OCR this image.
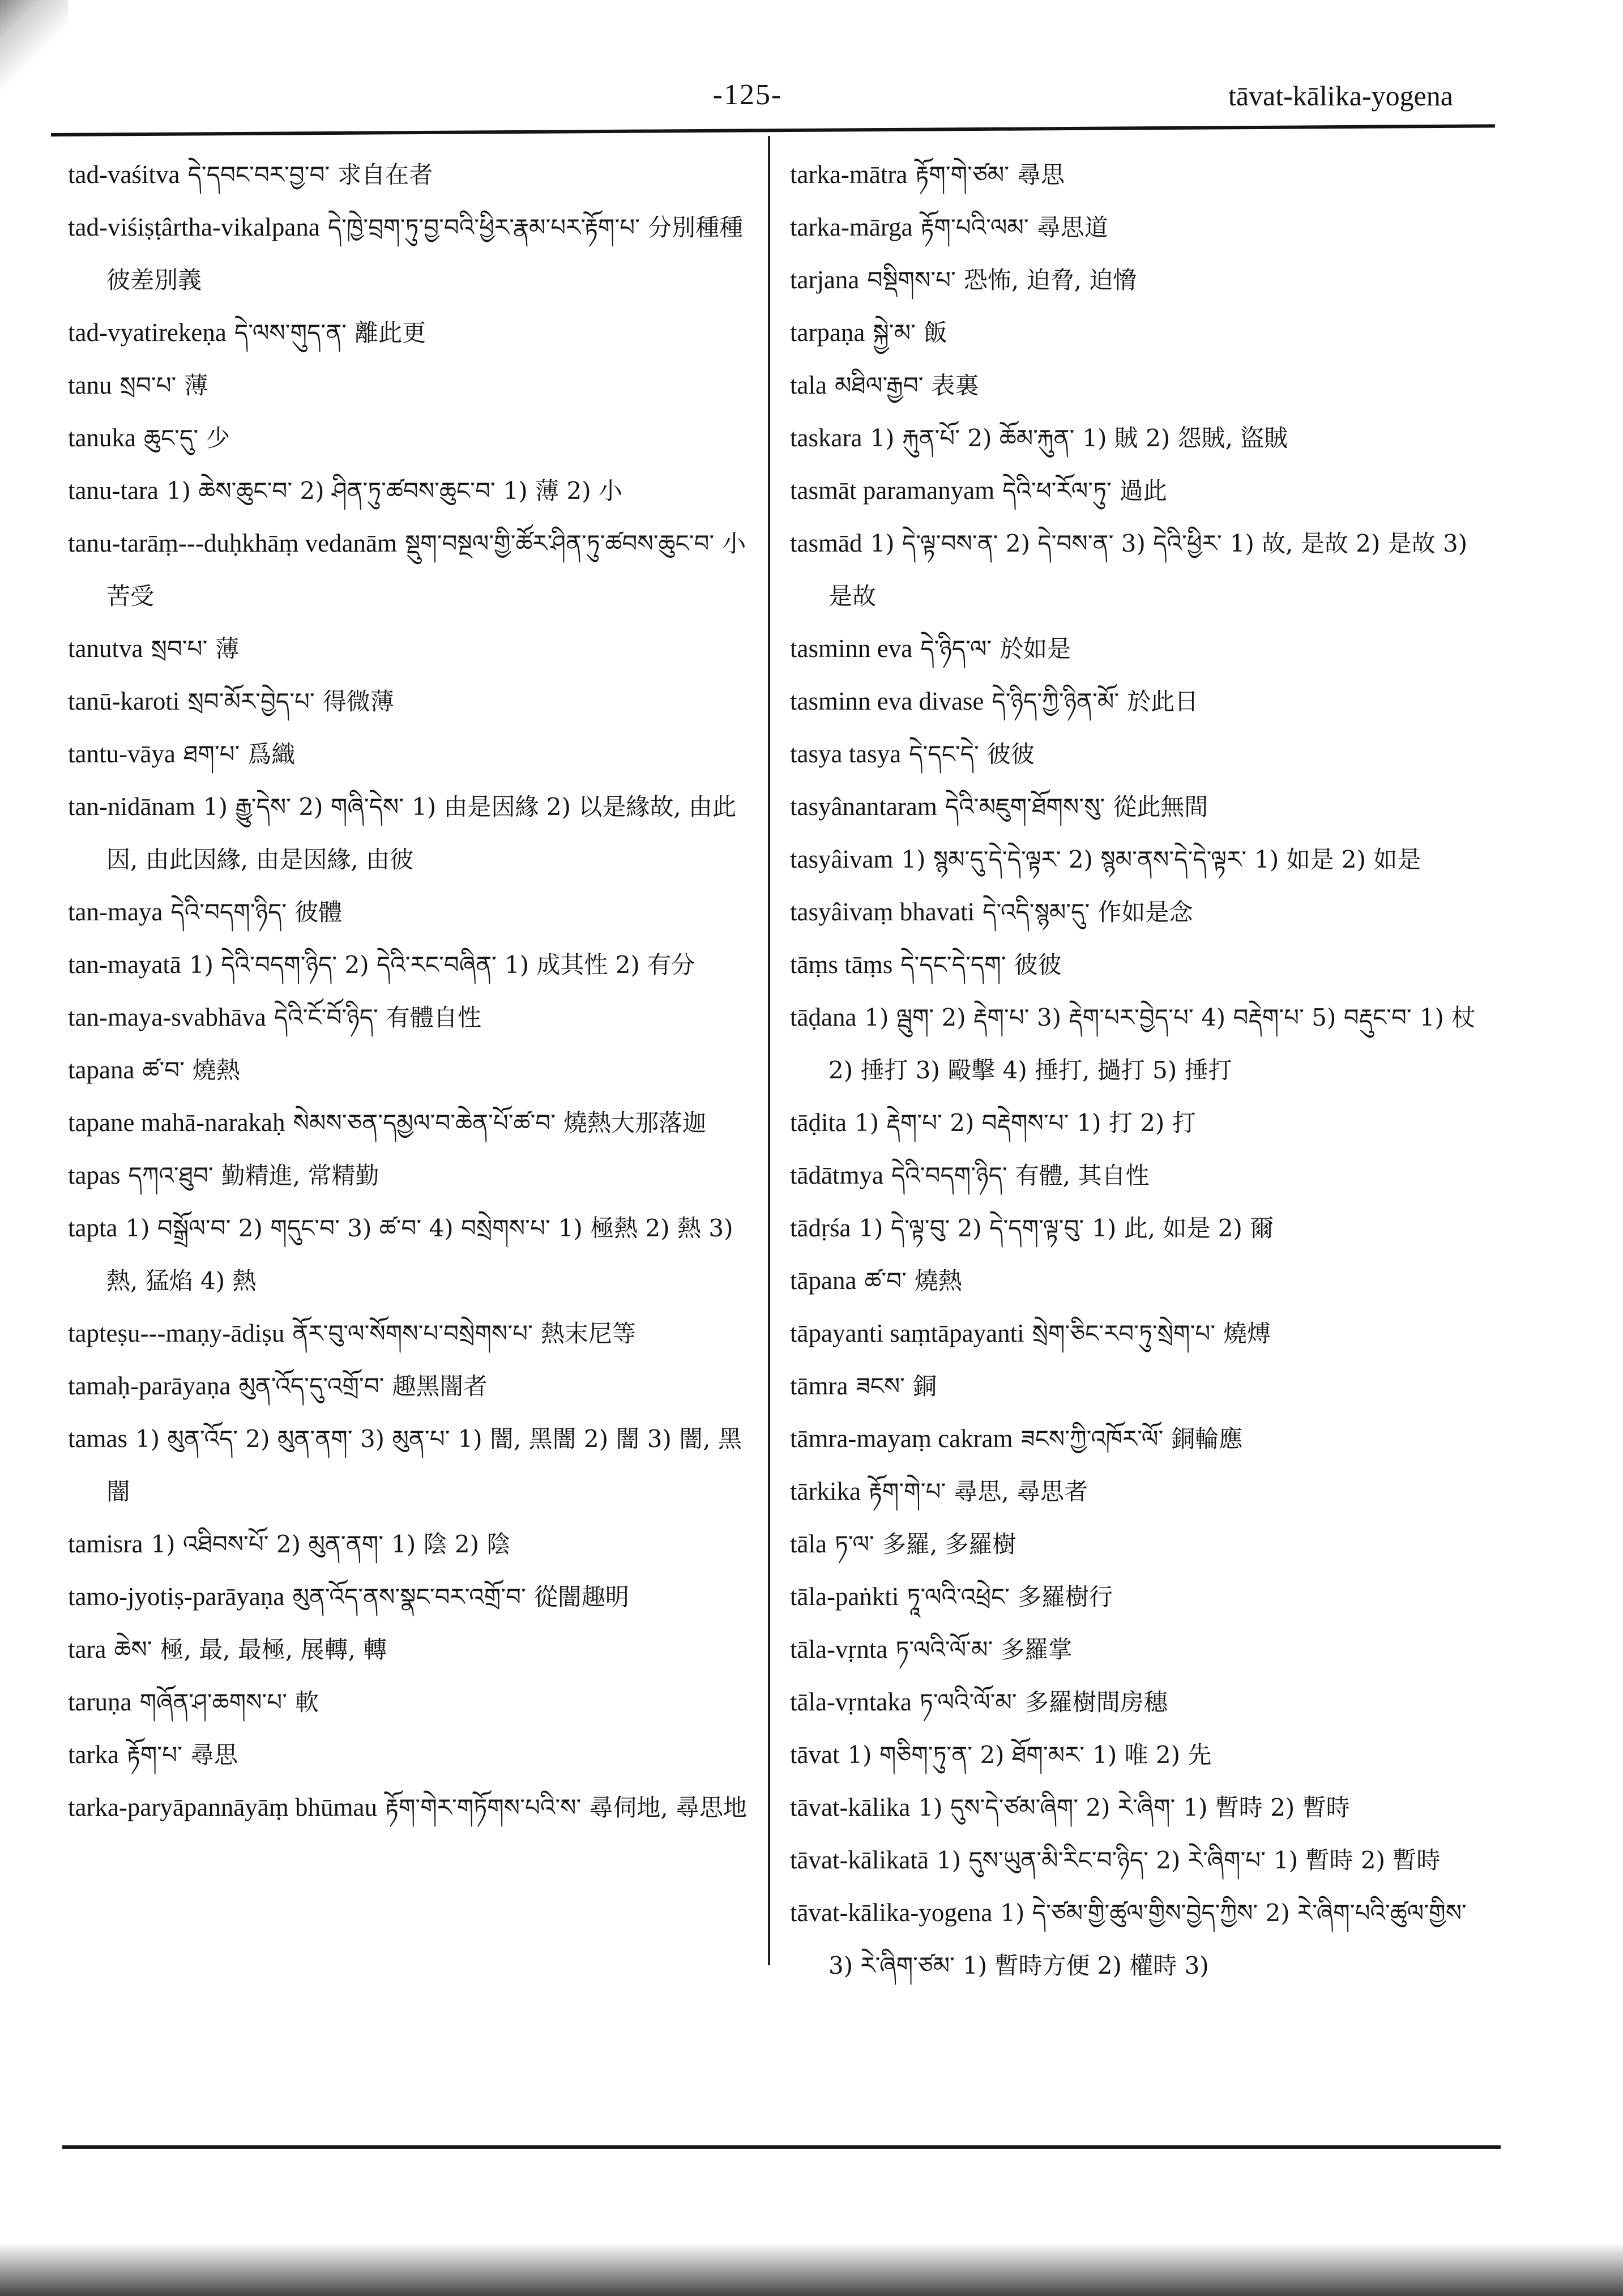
-125-	tāvat-kālika-yogena

tad-vaśitva དེ་དབང་བར་བྱ་བ་ 求自在者

tad-viśiṣṭârtha-vikalpana དེ་ཁྱེ་བྲག་ཏུ་བྱ་བའི་ཕྱིར་རྣམ་པར་རྟོག་པ་ 分別種種彼差別義

tad-vyatirekeṇa དེ་ལས་གུད་ན་ 離此更

tanu སྲབ་པ་ 薄

tanuka ཆུང་དུ་ 少

tanu-tara 1) ཆེས་ཆུང་བ་ 2) ཤིན་ཏུ་ཚབས་ཆུང་བ་ 1) 薄 2) 小

tanu-tarāṃ---duḥkhāṃ vedanām སྡུག་བསྔལ་གྱི་ཚོར་ཤིན་ཏུ་ཚབས་ཆུང་བ་ 小苦受

tanutva སྲབ་པ་ 薄

tanū-karoti སྲབ་མོར་བྱེད་པ་ 得微薄

tantu-vāya ཐག་པ་ 爲織

tan-nidānam 1) རྒྱུ་དེས་ 2) གཞི་དེས་ 1) 由是因緣 2) 以是緣故, 由此因, 由此因緣, 由是因緣, 由彼

tan-maya དེའི་བདག་ཉིད་ 彼體

tan-mayatā 1) དེའི་བདག་ཉིད་ 2) དེའི་རང་བཞིན་ 1) 成其性 2) 有分

tan-maya-svabhāva དེའི་ངོ་བོ་ཉིད་ 有體自性

tapana ཚ་བ་ 燒熱

tapane mahā-narakaḥ སེམས་ཅན་དམྱལ་བ་ཆེན་པོ་ཚ་བ་ 燒熱大那落迦

tapas དཀའ་ཐུབ་ 勤精進, 常精勤

tapta 1) བསྒྲོལ་བ་ 2) གདུང་བ་ 3) ཚ་བ་ 4) བསྲེགས་པ་ 1) 極熱 2) 熱 3) 熱, 猛焰 4) 熱

tapteṣu---maṇy-ādiṣu ནོར་བུ་ལ་སོགས་པ་བསྲེགས་པ་ 熱末尼等

tamaḥ-parāyaṇa མུན་འོད་དུ་འགྲོ་བ་ 趣黑闇者

tamas 1) མུན་འོད་ 2) མུན་ནག་ 3) མུན་པ་ 1) 闇, 黑闇 2) 闇 3) 闇, 黑闇

tamisra 1) འཐིབས་པོ་ 2) མུན་ནག་ 1) 陰 2) 陰

tamo-jyotiṣ-parāyaṇa མུན་འོད་ནས་སྣང་བར་འགྲོ་བ་ 從闇趣明

tara ཆེས་ 極, 最, 最極, 展轉, 轉

taruṇa གཞོན་ཤ་ཆགས་པ་ 軟

tarka རྟོག་པ་ 尋思

tarka-paryāpannāyāṃ bhūmau རྟོག་གེར་གཏོགས་པའི་ས་ 尋伺地, 尋思地

tarka-mātra རྟོག་གེ་ཙམ་ 尋思

tarka-mārga རྟོག་པའི་ལམ་ 尋思道

tarjana བསྡིགས་པ་ 恐怖, 迫脅, 迫愶

tarpaṇa སྐྱེ་མ་ 飯

tala མཐིལ་རྒྱབ་ 表裏

taskara 1) རྐུན་པོ་ 2) ཆོམ་རྐུན་ 1) 賊 2) 怨賊, 盜賊

tasmāt paramanyam དེའི་ཕ་རོལ་ཏུ་ 過此

tasmād 1) དེ་ལྟ་བས་ན་ 2) དེ་བས་ན་ 3) དེའི་ཕྱིར་ 1) 故, 是故 2) 是故 3) 是故

tasminn eva དེ་ཉིད་ལ་ 於如是

tasminn eva divase དེ་ཉིད་ཀྱི་ཉིན་མོ་ 於此日

tasya tasya དེ་དང་དེ་ 彼彼

tasyânantaram དེའི་མཇུག་ཐོགས་སུ་ 從此無間

tasyâivam 1) སྙམ་དུ་དེ་དེ་ལྟར་ 2) སྙམ་ནས་དེ་དེ་ལྟར་ 1) 如是 2) 如是

tasyâivaṃ bhavati དེ་འདི་སྙམ་དུ་ 作如是念

tāṃs tāṃs དེ་དང་དེ་དག་ 彼彼

tāḍana 1) ལྦུག་ 2) རྡེག་པ་ 3) རྡེག་པར་བྱེད་པ་ 4) བརྡེག་པ་ 5) བརྡུང་བ་ 1) 杖 2) 捶打 3) 毆擊 4) 捶打, 撾打 5) 捶打

tāḍita 1) རྡེག་པ་ 2) བརྡེགས་པ་ 1) 打 2) 打

tādātmya དེའི་བདག་ཉིད་ 有體, 其自性

tādṛśa 1) དེ་ལྟ་བུ་ 2) དེ་དག་ལྟ་བུ་ 1) 此, 如是 2) 爾

tāpana ཚ་བ་ 燒熱

tāpayanti saṃtāpayanti སྲེག་ཅིང་རབ་ཏུ་སྲེག་པ་ 燒煿

tāmra ཟངས་ 銅

tāmra-mayaṃ cakram ཟངས་ཀྱི་འཁོར་ལོ་ 銅輪應

tārkika རྟོག་གེ་པ་ 尋思, 尋思者

tāla ཏ་ལ་ 多羅, 多羅樹

tāla-paṅkti ཏཱ་ལའི་འཕྲེང་ 多羅樹行

tāla-vṛnta ཏ་ལའི་ལོ་མ་ 多羅掌

tāla-vṛntaka ཏ་ལའི་ལོ་མ་ 多羅樹間房穗

tāvat 1) གཅིག་ཏུ་ན་ 2) ཐོག་མར་ 1) 唯 2) 先

tāvat-kālika 1) དུས་དེ་ཙམ་ཞིག་ 2) རེ་ཞིག་ 1) 暫時 2) 暫時

tāvat-kālikatā 1) དུས་ཡུན་མི་རིང་བ་ཉིད་ 2) རེ་ཞིག་པ་ 1) 暫時 2) 暫時

tāvat-kālika-yogena 1) དེ་ཙམ་གྱི་ཚུལ་གྱིས་བྱེད་ཀྱིས་ 2) རེ་ཞིག་པའི་ཚུལ་གྱིས་ 3) རེ་ཞིག་ཙམ་ 1) 暫時方便 2) 權時 3)
